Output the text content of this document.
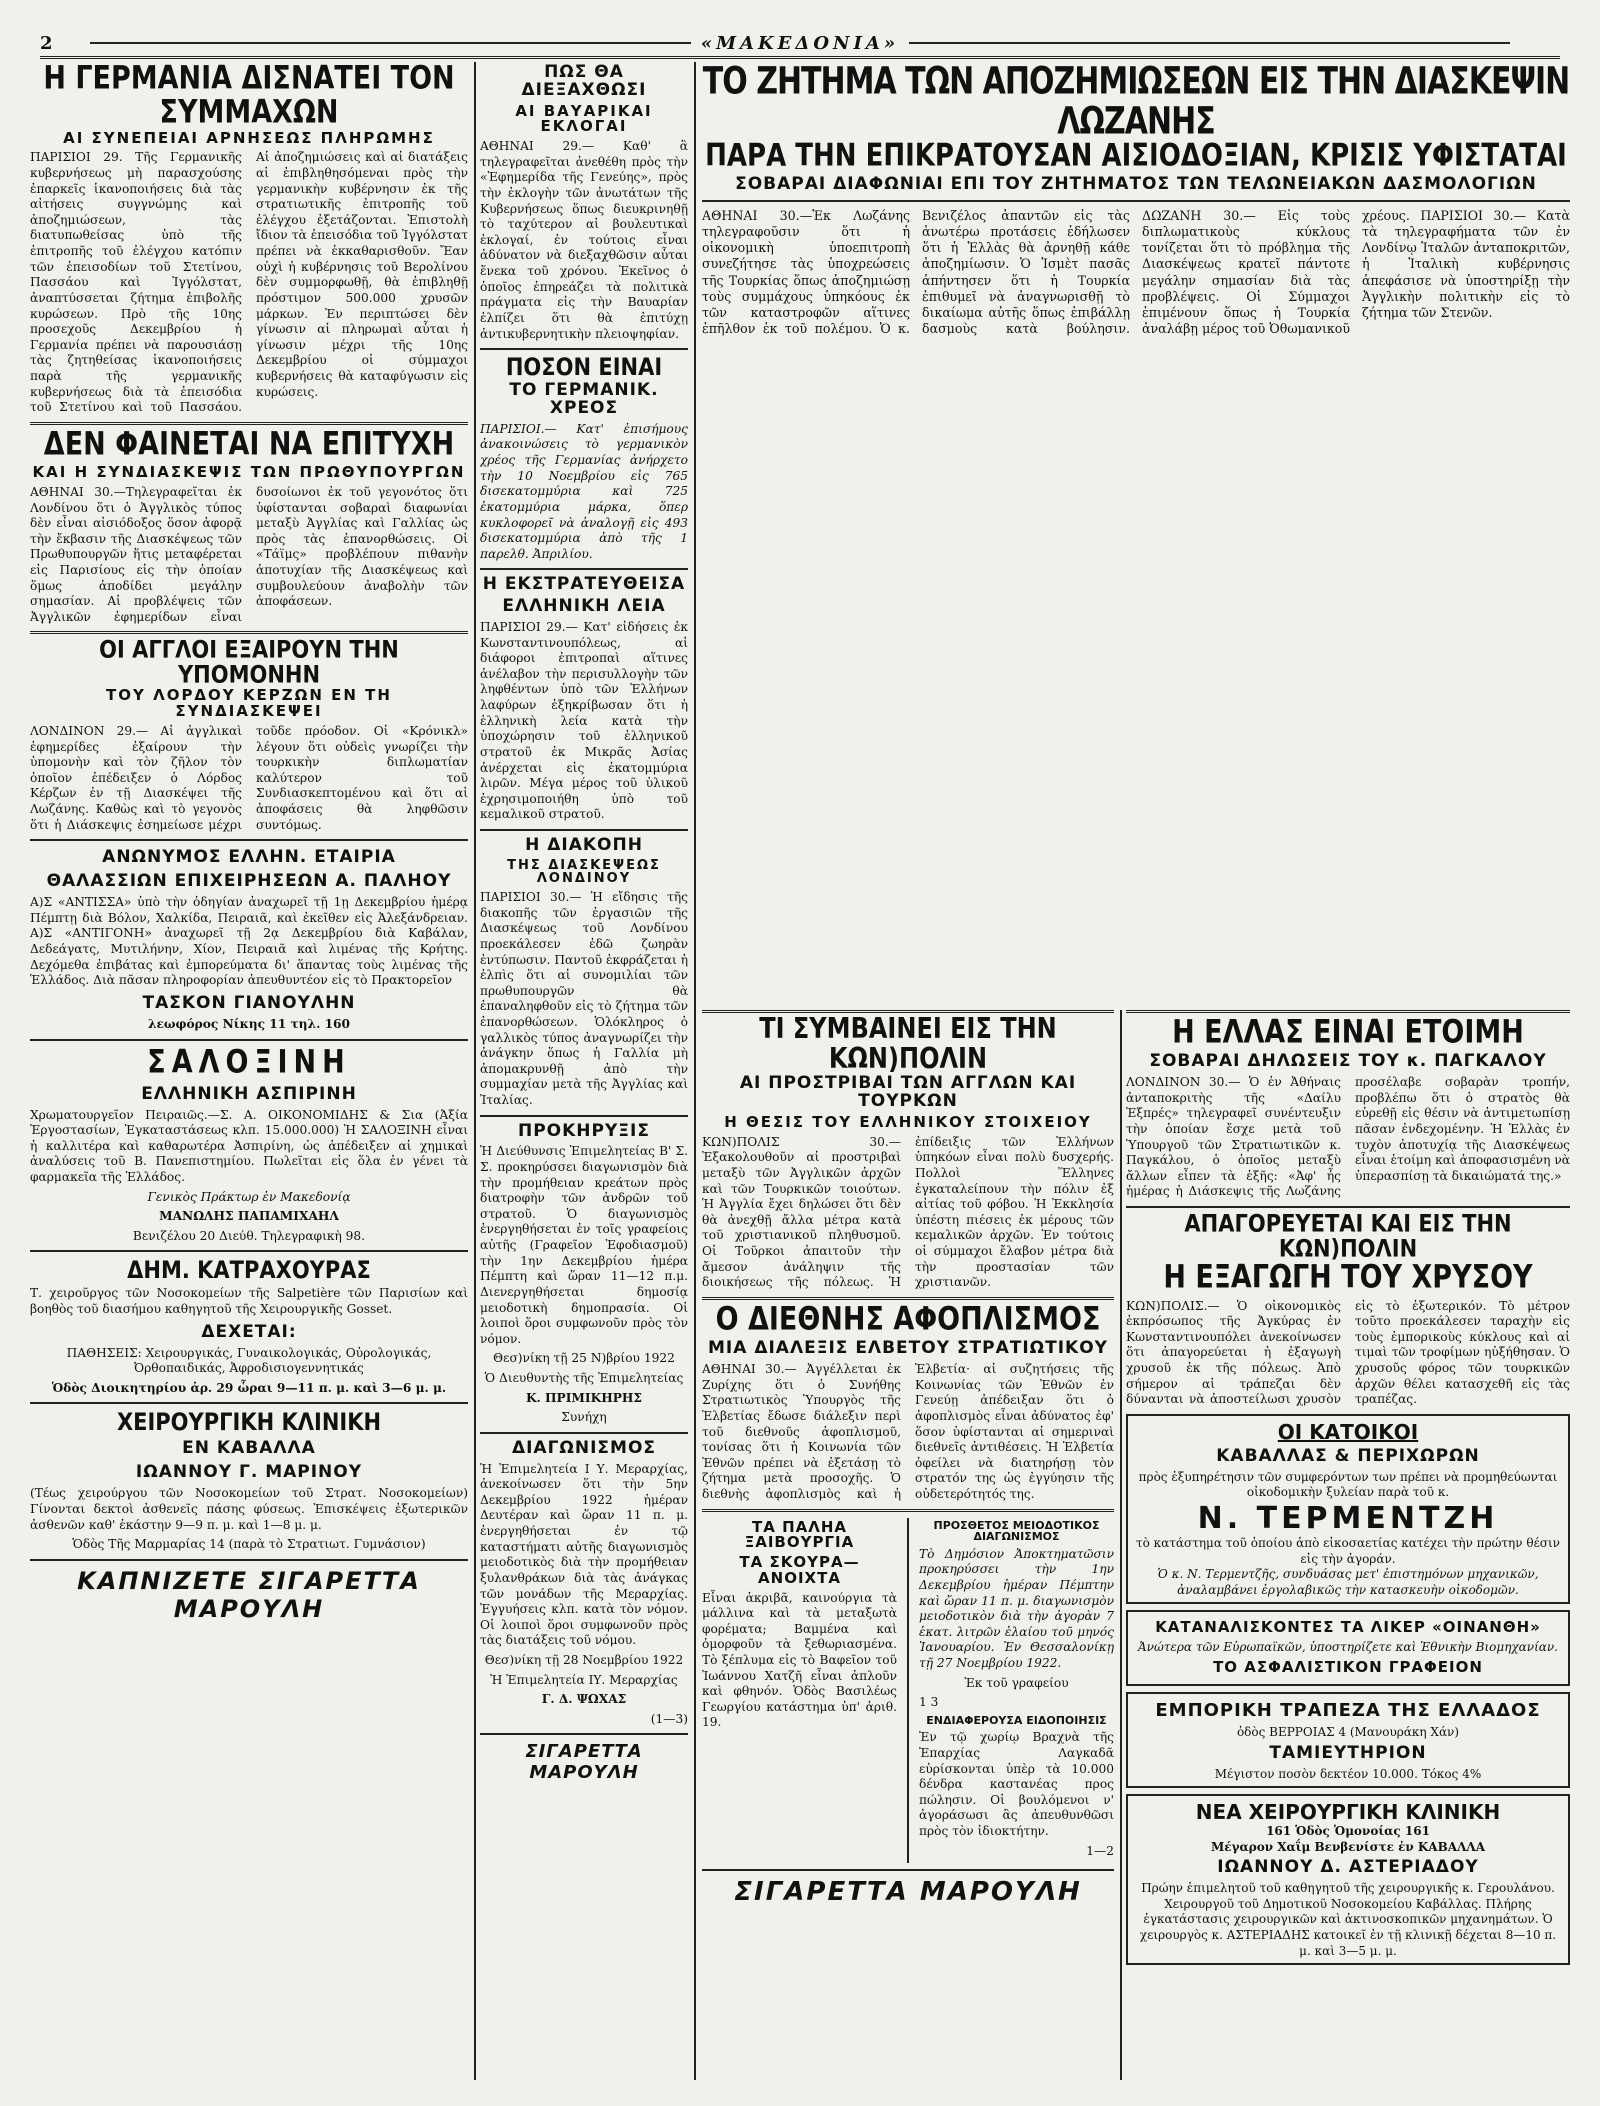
2	«ΜΑΚΕΔΟΝΙΑ»
Η ΓΕΡΜΑΝΙΑ ΔΙΣΝΑΤΕΙ ΤΟΝ ΣΥΜΜΑΧΩΝ
ΑΙ ΣΥΝΕΠΕΙΑΙ ΑΡΝΗΣΕΩΣ ΠΛΗΡΩΜΗΣ

ΠΑΡΙΣΙΟΙ 29. Τῆς Γερμανικῆς κυβερνήσεως μὴ παρασχούσης ἐπαρκεῖς ἱκανοποιήσεις διὰ τὰς αἰτήσεις συγγνώμης καὶ ἀποζημιώσεων, τὰς διατυπωθείσας ὑπὸ τῆς ἐπιτροπῆς τοῦ ἐλέγχου κατόπιν τῶν ἐπεισοδίων τοῦ Στετίνου, Πασσάου καὶ Ἰγγόλστατ, ἀναπτύσσεται ζήτημα ἐπιβολῆς κυρώσεων. Πρὸ τῆς 10ης προσεχοῦς Δεκεμβρίου ἡ Γερμανία πρέπει νὰ παρουσιάσῃ τὰς ζητηθείσας ἱκανοποιήσεις παρὰ τῆς γερμανικῆς κυβερνήσεως διὰ τὰ ἐπεισόδια τοῦ Στετίνου καὶ τοῦ Πασσάου. Αἱ ἀποζημιώσεις καὶ αἱ διατάξεις αἱ ἐπιβληθησόμεναι πρὸς τὴν γερμανικὴν κυβέρνησιν ἐκ τῆς στρατιωτικῆς ἐπιτροπῆς τοῦ ἐλέγχου ἐξετάζονται. Ἐπιστολὴ ἴδιον τὰ ἐπεισόδια τοῦ Ἰγγόλστατ πρέπει νὰ ἐκκαθαρισθοῦν. Ἔαν οὐχὶ ἡ κυβέρνησις τοῦ Βερολίνου δὲν συμμορφωθῇ, θὰ ἐπιβληθῇ πρόστιμον 500.000 χρυσῶν μάρκων. Ἐν περιπτώσει δὲν γίνωσιν αἱ πληρωμαὶ αὗται ἡ γίνωσιν μέχρι τῆς 10ης Δεκεμβρίου οἱ σύμμαχοι κυβερνήσεις θὰ καταφύγωσιν εἰς κυρώσεις.

ΔΕΝ ΦΑΙΝΕΤΑΙ ΝΑ ΕΠΙΤΥΧΗ
ΚΑΙ Η ΣΥΝΔΙΑΣΚΕΨΙΣ ΤΩΝ ΠΡΩΘΥΠΟΥΡΓΩΝ

ΑΘΗΝΑΙ 30.—Τηλεγραφεῖται ἐκ Λονδίνου ὅτι ὁ Ἀγγλικὸς τύπος δὲν εἶναι αἰσιόδοξος ὅσον ἀφορᾷ τὴν ἔκβασιν τῆς Διασκέψεως τῶν Πρωθυπουργῶν ἥτις μεταφέρεται εἰς Παρισίους εἰς τὴν ὁποίαν ὅμως ἀποδίδει μεγάλην σημασίαν. Αἱ προβλέψεις τῶν Ἀγγλικῶν ἐφημερίδων εἶναι δυσοίωνοι ἐκ τοῦ γεγονότος ὅτι ὑφίστανται σοβαραὶ διαφωνίαι μεταξὺ Ἀγγλίας καὶ Γαλλίας ὡς πρὸς τὰς ἐπανορθώσεις. Οἱ «Τάϊμς» προβλέπουν πιθανὴν ἀποτυχίαν τῆς Διασκέψεως καὶ συμβουλεύουν ἀναβολὴν τῶν ἀποφάσεων.

ΟΙ ΑΓΓΛΟΙ ΕΞΑΙΡΟΥΝ ΤΗΝ ΥΠΟΜΟΝΗΝ
ΤΟΥ ΛΟΡΔΟΥ ΚΕΡΖΩΝ ΕΝ ΤΗ ΣΥΝΔΙΑΣΚΕΨΕΙ

ΛΟΝΔΙΝΟΝ 29.— Αἱ ἀγγλικαὶ ἐφημερίδες ἐξαίρουν τὴν ὑπομονὴν καὶ τὸν ζῆλον τὸν ὁποῖον ἐπέδειξεν ὁ Λόρδος Κέρζων ἐν τῇ Διασκέψει τῆς Λωζάνης. Καθὼς καὶ τὸ γεγονὸς ὅτι ἡ Διάσκεψις ἐσημείωσε μέχρι τοῦδε πρόοδον. Οἱ «Κρόνικλ» λέγουν ὅτι οὐδεὶς γνωρίζει τὴν τουρκικὴν διπλωματίαν καλύτερον τοῦ Συνδιασκεπτομένου καὶ ὅτι αἱ ἀποφάσεις θὰ ληφθῶσιν συντόμως.

ΑΝΩΝΥΜΟΣ ΕΛΛΗΝ. ΕΤΑΙΡΙΑ
ΘΑΛΑΣΣΙΩΝ ΕΠΙΧΕΙΡΗΣΕΩΝ Α. ΠΑΛΗΟΥ

Α)Σ «ΑΝΤΙΣΣΑ» ὑπὸ τὴν ὁδηγίαν ἀναχωρεῖ τῇ 1ῃ Δεκεμβρίου ἡμέρᾳ Πέμπτῃ διὰ Βόλον, Χαλκίδα, Πειραιᾶ, καὶ ἐκεῖθεν εἰς Ἀλεξάνδρειαν. Α)Σ «ΑΝΤΙΓΟΝΗ» ἀναχωρεῖ τῇ 2ᾳ Δεκεμβρίου διὰ Καβάλαν, Δεδεάγατς, Μυτιλήνην, Χίον, Πειραιᾶ καὶ λιμένας τῆς Κρήτης. Δεχόμεθα ἐπιβάτας καὶ ἐμπορεύματα δι' ἅπαντας τοὺς λιμένας τῆς Ἑλλάδος. Διὰ πᾶσαν πληροφορίαν ἀπευθυντέον εἰς τὸ Πρακτορεῖον

ΤΑΣΚΟΝ ΓΙΑΝΟΥΛΗΝ
λεωφόρος Νίκης 11 τηλ. 160
ΣΑΛΟΞΙΝΗ
ΕΛΛΗΝΙΚΗ ΑΣΠΙΡΙΝΗ

Χρωματουργεῖον Πειραιῶς.—Σ. Α. ΟΙΚΟΝΟΜΙΔΗΣ & Σια (Ἀξία Ἐργοστασίων, Ἐγκαταστάσεως κλπ. 15.000.000) Ἡ ΣΑΛΟΞΙΝΗ εἶναι ἡ καλλιτέρα καὶ καθαρωτέρα Ἀσπιρίνη, ὡς ἀπέδειξεν αἱ χημικαὶ ἀναλύσεις τοῦ Β. Πανεπιστημίου. Πωλεῖται εἰς ὅλα ἐν γένει τὰ φαρμακεῖα τῆς Ἑλλάδος.

Γενικὸς Πράκτωρ ἐν Μακεδονίᾳ
ΜΑΝΩΛΗΣ ΠΑΠΑΜΙΧΑΗΛ
Βενιζέλου 20 Διεύθ. Τηλεγραφικὴ 98.
ΔΗΜ. ΚΑΤΡΑΧΟΥΡΑΣ

Τ. χειροῦργος τῶν Νοσοκομείων τῆς Salpetière τῶν Παρισίων καὶ βοηθὸς τοῦ διασήμου καθηγητοῦ τῆς Χειρουργικῆς Gosset.

ΔΕΧΕΤΑΙ:

ΠΑΘΗΣΕΙΣ: Χειρουργικάς, Γυναικολογικάς, Οὐρολογικάς, Ὀρθοπαιδικάς, Ἀφροδισιογεννητικάς

Ὁδὸς Διοικητηρίου ἀρ. 29 ὧραι 9—11 π. μ. καὶ 3—6 μ. μ.

ΧΕΙΡΟΥΡΓΙΚΗ ΚΛΙΝΙΚΗ
ΕΝ ΚΑΒΑΛΛΑ
ΙΩΑΝΝΟΥ Γ. ΜΑΡΙΝΟΥ

(Τέως χειρούργου τῶν Νοσοκομείων τοῦ Στρατ. Νοσοκομείων) Γίνονται δεκτοὶ ἀσθενεῖς πάσης φύσεως. Ἐπισκέψεις ἐξωτερικῶν ἀσθενῶν καθ' ἑκάστην 9—9 π. μ. καὶ 1—8 μ. μ.

Ὁδὸς Τῆς Μαρμαρίας 14 (παρὰ τὸ Στρατιωτ. Γυμνάσιον)

ΚΑΠΝΙΖΕΤΕ ΣΙΓΑΡΕΤΤΑ ΜΑΡΟΥΛΗ
ΠΩΣ ΘΑ ΔΙΕΞΑΧΘΩΣΙ
ΑΙ ΒΑΥΑΡΙΚΑΙ ΕΚΛΟΓΑΙ

ΑΘΗΝΑΙ 29.— Καθ' ἃ τηλεγραφεῖται ἀνεθέθη πρὸς τὴν «Ἐφημερίδα τῆς Γενεύης», πρὸς τὴν ἐκλογὴν τῶν ἀνωτάτων τῆς Κυβερνήσεως ὅπως διευκρινηθῇ τὸ ταχύτερον αἱ βουλευτικαὶ ἐκλογαί, ἐν τούτοις εἶναι ἀδύνατον νὰ διεξαχθῶσιν αὗται ἕνεκα τοῦ χρόνου. Ἐκεῖνος ὁ ὁποῖος ἐπηρεάζει τὰ πολιτικὰ πράγματα εἰς τὴν Βαυαρίαν ἐλπίζει ὅτι θὰ ἐπιτύχῃ ἀντικυβερνητικὴν πλειοψηφίαν.

ΠΟΣΟΝ ΕΙΝΑΙ
ΤΟ ΓΕΡΜΑΝΙΚ. ΧΡΕΟΣ

ΠΑΡΙΣΙΟΙ.— Κατ' ἐπισήμους ἀνακοινώσεις τὸ γερμανικὸν χρέος τῆς Γερμανίας ἀνήρχετο τὴν 10 Νοεμβρίου εἰς 765 δισεκατομμύρια καὶ 725 ἑκατομμύρια μάρκα, ὅπερ κυκλοφορεῖ νὰ ἀναλογῇ εἰς 493 δισεκατομμύρια ἀπὸ τῆς 1 παρελθ. Ἀπριλίου.

Η ΕΚΣΤΡΑΤΕΥΘΕΙΣΑ
ΕΛΛΗΝΙΚΗ ΛΕΙΑ

ΠΑΡΙΣΙΟΙ 29.— Κατ' εἰδήσεις ἐκ Κωνσταντινουπόλεως, αἱ διάφοροι ἐπιτροπαὶ αἵτινες ἀνέλαβον τὴν περισυλλογὴν τῶν ληφθέντων ὑπὸ τῶν Ἑλλήνων λαφύρων ἐξηκρίβωσαν ὅτι ἡ ἑλληνικὴ λεία κατὰ τὴν ὑποχώρησιν τοῦ ἑλληνικοῦ στρατοῦ ἐκ Μικρᾶς Ἀσίας ἀνέρχεται εἰς ἐκατομμύρια λιρῶν. Μέγα μέρος τοῦ ὑλικοῦ ἐχρησιμοποιήθη ὑπὸ τοῦ κεμαλικοῦ στρατοῦ.

Η ΔΙΑΚΟΠΗ
ΤΗΣ ΔΙΑΣΚΕΨΕΩΣ ΛΟΝΔΙΝΟΥ

ΠΑΡΙΣΙΟΙ 30.— Ἡ εἴδησις τῆς διακοπῆς τῶν ἐργασιῶν τῆς Διασκέψεως τοῦ Λονδίνου προεκάλεσεν ἐδῶ ζωηρὰν ἐντύπωσιν. Παντοῦ ἐκφράζεται ἡ ἐλπὶς ὅτι αἱ συνομιλίαι τῶν πρωθυπουργῶν θὰ ἐπαναληφθοῦν εἰς τὸ ζήτημα τῶν ἐπανορθώσεων. Ὁλόκληρος ὁ γαλλικὸς τύπος ἀναγνωρίζει τὴν ἀνάγκην ὅπως ἡ Γαλλία μὴ ἀπομακρυνθῇ ἀπὸ τὴν συμμαχίαν μετὰ τῆς Ἀγγλίας καὶ Ἰταλίας.

ΠΡΟΚΗΡΥΞΙΣ

Ἡ Διεύθυνσις Ἐπιμελητείας Β' Σ. Σ. προκηρύσσει διαγωνισμὸν διὰ τὴν προμήθειαν κρεάτων πρὸς διατροφὴν τῶν ἀνδρῶν τοῦ στρατοῦ. Ὁ διαγωνισμὸς ἐνεργηθήσεται ἐν τοῖς γραφείοις αὐτῆς (Γραφεῖον Ἐφοδιασμοῦ) τὴν 1ην Δεκεμβρίου ἡμέρα Πέμπτη καὶ ὥραν 11—12 π.μ. Διενεργηθήσεται δημοσίᾳ μειοδοτικὴ δημοπρασία. Οἱ λοιποὶ ὅροι συμφωνοῦν πρὸς τὸν νόμον.

Θεσ)νίκη τῇ 25 Ν)βρίου 1922

Ὁ Διευθυντὴς τῆς Ἐπιμελητείας

Κ. ΠΡΙΜΙΚΗΡΗΣ

Συνήχη

ΔΙΑΓΩΝΙΣΜΟΣ

Ἡ Ἐπιμελητεία Ι Υ. Μεραρχίας, ἀνεκοίνωσεν ὅτι τὴν 5ην Δεκεμβρίου 1922 ἡμέραν Δευτέραν καὶ ὥραν 11 π. μ. ἐνεργηθήσεται ἐν τῷ καταστήματι αὐτῆς διαγωνισμὸς μειοδοτικὸς διὰ τὴν προμήθειαν ξυλανθράκων διὰ τὰς ἀνάγκας τῶν μονάδων τῆς Μεραρχίας. Ἐγγυήσεις κλπ. κατὰ τὸν νόμον. Οἱ λοιποὶ ὅροι συμφωνοῦν πρὸς τὰς διατάξεις τοῦ νόμου.

Θεσ)νίκη τῇ 28 Νοεμβρίου 1922

Ἡ Ἐπιμελητεία ΙΥ. Μεραρχίας

Γ. Δ. ΨΩΧΑΣ

(1—3)

ΣΙΓΑΡΕΤΤΑ ΜΑΡΟΥΛΗ
ΤΟ ΖΗΤΗΜΑ ΤΩΝ ΑΠΟΖΗΜΙΩΣΕΩΝ ΕΙΣ ΤΗΝ ΔΙΑΣΚΕΨΙΝ ΛΩΖΑΝΗΣ
ΠΑΡΑ ΤΗΝ ΕΠΙΚΡΑΤΟΥΣΑΝ ΑΙΣΙΟΔΟΞΙΑΝ, ΚΡΙΣΙΣ ΥΦΙΣΤΑΤΑΙ
ΣΟΒΑΡΑΙ ΔΙΑΦΩΝΙΑΙ ΕΠΙ ΤΟΥ ΖΗΤΗΜΑΤΟΣ ΤΩΝ ΤΕΛΩΝΕΙΑΚΩΝ ΔΑΣΜΟΛΟΓΙΩΝ

ΑΘΗΝΑΙ 30.—Ἐκ Λωζάνης τηλεγραφοῦσιν ὅτι ἡ οἰκονομικὴ ὑποεπιτροπὴ συνεζήτησε τὰς ὑποχρεώσεις τῆς Τουρκίας ὅπως ἀποζημιώσῃ τοὺς συμμάχους ὑπηκόους ἐκ τῶν καταστροφῶν αἵτινες ἐπῆλθον ἐκ τοῦ πολέμου. Ὁ κ. Βενιζέλος ἀπαντῶν εἰς τὰς ἀνωτέρω προτάσεις ἐδήλωσεν ὅτι ἡ Ἑλλὰς θὰ ἀρνηθῇ κάθε ἀποζημίωσιν. Ὁ Ἰσμὲτ πασᾶς ἀπήντησεν ὅτι ἡ Τουρκία ἐπιθυμεῖ νὰ ἀναγνωρισθῇ τὸ δικαίωμα αὐτῆς ὅπως ἐπιβάλλῃ δασμοὺς κατὰ βούλησιν. ΔΩΖΑΝΗ 30.— Εἰς τοὺς διπλωματικοὺς κύκλους τονίζεται ὅτι τὸ πρόβλημα τῆς Διασκέψεως κρατεῖ πάντοτε μεγάλην σημασίαν διὰ τὰς προβλέψεις. Οἱ Σύμμαχοι ἐπιμένουν ὅπως ἡ Τουρκία ἀναλάβῃ μέρος τοῦ Ὀθωμανικοῦ χρέους. ΠΑΡΙΣΙΟΙ 30.— Κατὰ τὰ τηλεγραφήματα τῶν ἐν Λονδίνῳ Ἰταλῶν ἀνταποκριτῶν, ἡ Ἰταλικὴ κυβέρνησις ἀπεφάσισε νὰ ὑποστηρίξῃ τὴν Ἀγγλικὴν πολιτικὴν εἰς τὸ ζήτημα τῶν Στενῶν.

ΤΙ ΣΥΜΒΑΙΝΕΙ ΕΙΣ ΤΗΝ ΚΩΝ)ΠΟΛΙΝ
ΑΙ ΠΡΟΣΤΡΙΒΑΙ ΤΩΝ ΑΓΓΛΩΝ ΚΑΙ ΤΟΥΡΚΩΝ
Η ΘΕΣΙΣ ΤΟΥ ΕΛΛΗΝΙΚΟΥ ΣΤΟΙΧΕΙΟΥ

ΚΩΝ)ΠΟΛΙΣ 30.— Ἐξακολουθοῦν αἱ προστριβαὶ μεταξὺ τῶν Ἀγγλικῶν ἀρχῶν καὶ τῶν Τουρκικῶν τοιούτων. Ἡ Ἀγγλία ἔχει δηλώσει ὅτι δὲν θὰ ἀνεχθῇ ἄλλα μέτρα κατὰ τοῦ χριστιανικοῦ πληθυσμοῦ. Οἱ Τοῦρκοι ἀπαιτοῦν τὴν ἄμεσον ἀνάληψιν τῆς διοικήσεως τῆς πόλεως. Ἡ ἐπίδειξις τῶν Ἑλλήνων ὑπηκόων εἶναι πολὺ δυσχερής. Πολλοὶ Ἕλληνες ἐγκαταλείπουν τὴν πόλιν ἐξ αἰτίας τοῦ φόβου. Ἡ Ἐκκλησία ὑπέστη πιέσεις ἐκ μέρους τῶν κεμαλικῶν ἀρχῶν. Ἐν τούτοις οἱ σύμμαχοι ἔλαβον μέτρα διὰ τὴν προστασίαν τῶν χριστιανῶν.

Ο ΔΙΕΘΝΗΣ ΑΦΟΠΛΙΣΜΟΣ
ΜΙΑ ΔΙΑΛΕΞΙΣ ΕΛΒΕΤΟΥ ΣΤΡΑΤΙΩΤΙΚΟΥ

ΑΘΗΝΑΙ 30.— Ἀγγέλλεται ἐκ Ζυρίχης ὅτι ὁ Συνήθης Στρατιωτικὸς Ὑπουργὸς τῆς Ἑλβετίας ἔδωσε διάλεξιν περὶ τοῦ διεθνοῦς ἀφοπλισμοῦ, τονίσας ὅτι ἡ Κοινωνία τῶν Ἐθνῶν πρέπει νὰ ἐξετάσῃ τὸ ζήτημα μετὰ προσοχῆς. Ὁ διεθνὴς ἀφοπλισμὸς καὶ ἡ Ἑλβετία· αἱ συζητήσεις τῆς Κοινωνίας τῶν Ἐθνῶν ἐν Γενεύῃ ἀπέδειξαν ὅτι ὁ ἀφοπλισμὸς εἶναι ἀδύνατος ἐφ' ὅσον ὑφίστανται αἱ σημεριναὶ διεθνεῖς ἀντιθέσεις. Ἡ Ἑλβετία ὀφείλει νὰ διατηρήσῃ τὸν στρατόν της ὡς ἐγγύησιν τῆς οὐδετερότητός της.

ΤΑ ΠΑΛΗΑ ΞΑΙΒΟΥΡΓΙΑ
ΤΑ ΣΚΟΥΡΑ—ΑΝΟΙΧΤΑ

Εἶναι ἀκριβᾶ, καινούργια τὰ μάλλινα καὶ τὰ μεταξωτὰ φορέματα; Βαμμένα καὶ ὀμορφοῦν τὰ ξεθωριασμένα. Τὸ ξέπλυμα εἰς τὸ Βαφεῖον τοῦ Ἰωάννου Χατζῆ εἶναι ἀπλοῦν καὶ φθηνόν. Ὁδὸς Βασιλέως Γεωργίου κατάστημα ὑπ' ἀριθ. 19.

ΠΡΟΣΘΕΤΟΣ ΜΕΙΟΔΟΤΙΚΟΣ ΔΙΑΓΩΝΙΣΜΟΣ

Τὸ Δημόσιον Ἀποκτηματῶσιν προκηρύσσει τὴν 1ην Δεκεμβρίου ἡμέραν Πέμπτην καὶ ὥραν 11 π. μ. διαγωνισμὸν μειοδοτικὸν διὰ τὴν ἀγορὰν 7 ἑκατ. λιτρῶν ἐλαίου τοῦ μηνός Ἰανουαρίου. Ἐν Θεσσαλονίκῃ τῇ 27 Νοεμβρίου 1922.

Ἐκ τοῦ γραφείου

1 3

ΕΝΔΙΑΦΕΡΟΥΣΑ ΕΙΔΟΠΟΙΗΣΙΣ

Ἐν τῷ χωρίῳ Βραχνὰ τῆς Ἐπαρχίας Λαγκαδᾶ εὑρίσκονται ὑπὲρ τὰ 10.000 δένδρα καστανέας προς πώλησιν. Οἱ βουλόμενοι ν' ἀγοράσωσι ἂς ἀπευθυνθῶσι πρὸς τὸν ἰδιοκτήτην.

1—2

ΣΙΓΑΡΕΤΤΑ ΜΑΡΟΥΛΗ
Η ΕΛΛΑΣ ΕΙΝΑΙ ΕΤΟΙΜΗ
ΣΟΒΑΡΑΙ ΔΗΛΩΣΕΙΣ ΤΟΥ κ. ΠΑΓΚΑΛΟΥ

ΛΟΝΔΙΝΟΝ 30.— Ὁ ἐν Ἀθήναις ἀνταποκριτὴς τῆς «Δαίλυ Ἐξπρές» τηλεγραφεῖ συνέντευξιν τὴν ὁποίαν ἔσχε μετὰ τοῦ Ὑπουργοῦ τῶν Στρατιωτικῶν κ. Παγκάλου, ὁ ὁποῖος μεταξὺ ἄλλων εἶπεν τὰ ἑξῆς: «Ἀφ' ἧς ἡμέρας ἡ Διάσκεψις τῆς Λωζάνης προσέλαβε σοβαρὰν τροπήν, προβλέπω ὅτι ὁ στρατὸς θὰ εὑρεθῇ εἰς θέσιν νὰ ἀντιμετωπίσῃ πᾶσαν ἐνδεχομένην. Ἡ Ἑλλὰς ἐν τυχὸν ἀποτυχίᾳ τῆς Διασκέψεως εἶναι ἑτοίμη καὶ ἀποφασισμένη νὰ ὑπερασπίσῃ τὰ δικαιώματά της.»

ΑΠΑΓΟΡΕΥΕΤΑΙ ΚΑΙ ΕΙΣ ΤΗΝ ΚΩΝ)ΠΟΛΙΝ
Η ΕΞΑΓΩΓΗ ΤΟΥ ΧΡΥΣΟΥ

ΚΩΝ)ΠΟΛΙΣ.— Ὁ οἰκονομικὸς ἐκπρόσωπος τῆς Ἀγκύρας ἐν Κωνσταντινουπόλει ἀνεκοίνωσεν ὅτι ἀπαγορεύεται ἡ ἐξαγωγὴ χρυσοῦ ἐκ τῆς πόλεως. Ἀπὸ σήμερον αἱ τράπεζαι δὲν δύνανται νὰ ἀποστείλωσι χρυσὸν εἰς τὸ ἐξωτερικόν. Τὸ μέτρον τοῦτο προεκάλεσεν ταραχὴν εἰς τοὺς ἐμπορικοὺς κύκλους καὶ αἱ τιμαὶ τῶν τροφίμων ηὐξήθησαν. Ὁ χρυσοῦς φόρος τῶν τουρκικῶν ἀρχῶν θέλει κατασχεθῆ εἰς τὰς τραπέζας.

ΟΙ ΚΑΤΟΙΚΟΙ
ΚΑΒΑΛΛΑΣ & ΠΕΡΙΧΩΡΩΝ
πρὸς ἐξυπηρέτησιν τῶν συμφερόντων των πρέπει νὰ προμηθεύωνται οἰκοδομικὴν ξυλείαν παρὰ τοῦ κ.
Ν. ΤΕΡΜΕΝΤΖΗ
τὸ κατάστημα τοῦ ὁποίου ἀπὸ εἰκοσαετίας κατέχει τὴν πρώτην θέσιν εἰς τὴν ἀγοράν.
Ὁ κ. Ν. Τερμεντζῆς, συνδυάσας μετ' ἐπιστημόνων μηχανικῶν, ἀναλαμβάνει ἐργολαβικῶς τὴν κατασκευὴν οἰκοδομῶν.
ΚΑΤΑΝΑΛΙΣΚΟΝΤΕΣ ΤΑ ΛΙΚΕΡ «ΟΙΝΑΝΘΗ»
Ἀνώτερα τῶν Εὐρωπαϊκῶν, ὑποστηρίζετε καὶ Ἐθνικὴν Βιομηχανίαν.
ΤΟ ΑΣΦΑΛΙΣΤΙΚΟΝ ΓΡΑΦΕΙΟΝ
ΕΜΠΟΡΙΚΗ ΤΡΑΠΕΖΑ ΤΗΣ ΕΛΛΑΔΟΣ
ὁδὸς ΒΕΡΡΟΙΑΣ 4 (Μανουράκη Χάν)
ΤΑΜΙΕΥΤΗΡΙΟΝ
Μέγιστον ποσὸν δεκτέον 10.000. Τόκος 4%
ΝΕΑ ΧΕΙΡΟΥΡΓΙΚΗ ΚΛΙΝΙΚΗ
161 Ὁδὸς Ὁμονοίας 161
Μέγαρον Χαΐμ Βενβενίστε ἐν ΚΑΒΑΛΛΑ
ΙΩΑΝΝΟΥ Δ. ΑΣΤΕΡΙΑΔΟΥ
Πρώην ἐπιμελητοῦ τοῦ καθηγητοῦ τῆς χειρουργικῆς κ. Γερουλάνου. Χειρουργοῦ τοῦ Δημοτικοῦ Νοσοκομείου Καβάλλας. Πλήρης ἐγκατάστασις χειρουργικῶν καὶ ἀκτινοσκοπικῶν μηχανημάτων. Ὁ χειρουργὸς κ. ΑΣΤΕΡΙΑΔΗΣ κατοικεῖ ἐν τῇ κλινικῇ δέχεται 8—10 π. μ. καὶ 3—5 μ. μ.
